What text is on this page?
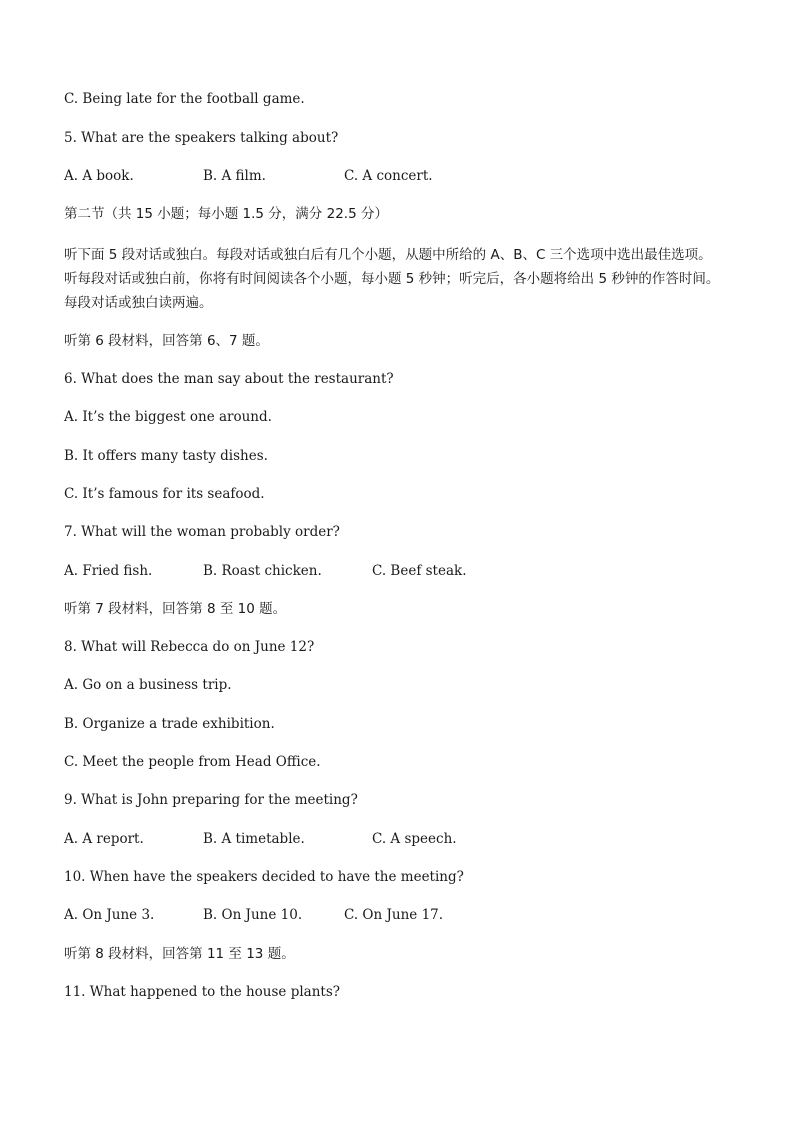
C. Being late for the football game.
5. What are the speakers talking about?
A. A book.	B. A film.	C. A concert.
第二节（共 15 小题；每小题 1.5 分，满分 22.5 分）
听下面 5 段对话或独白。每段对话或独白后有几个小题，从题中所给的 A、B、C 三个选项中选出最佳选项。
听每段对话或独白前，你将有时间阅读各个小题，每小题 5 秒钟；听完后，各小题将给出 5 秒钟的作答时间。
每段对话或独白读两遍。
听第 6 段材料，回答第 6、7 题。
6. What does the man say about the restaurant?
A. It’s the biggest one around.
B. It offers many tasty dishes.
C. It’s famous for its seafood.
7. What will the woman probably order?
A. Fried fish.	B. Roast chicken.	C. Beef steak.
听第 7 段材料，回答第 8 至 10 题。
8. What will Rebecca do on June 12?
A. Go on a business trip.
B. Organize a trade exhibition.
C. Meet the people from Head Office.
9. What is John preparing for the meeting?
A. A report.	B. A timetable.	C. A speech.
10. When have the speakers decided to have the meeting?
A. On June 3.	B. On June 10.	C. On June 17.
听第 8 段材料，回答第 11 至 13 题。
11. What happened to the house plants?
